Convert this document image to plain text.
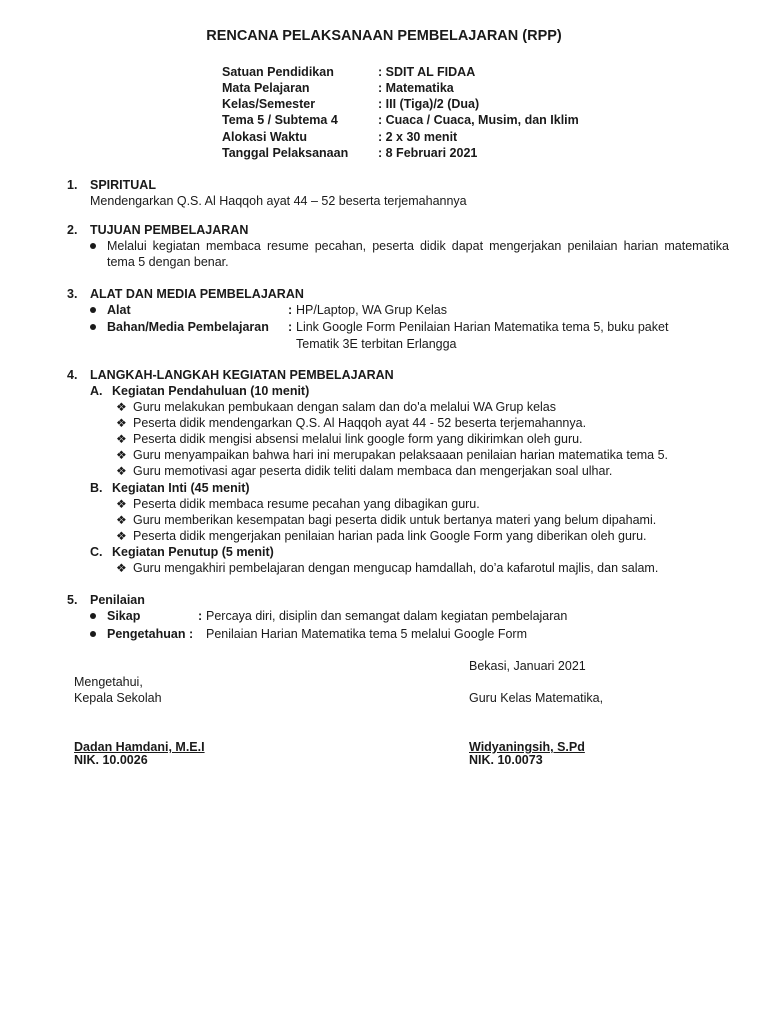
RENCANA PELAKSANAAN PEMBELAJARAN (RPP)
Satuan Pendidikan	: SDIT AL FIDAA
Mata Pelajaran	: Matematika
Kelas/Semester	: III (Tiga)/2 (Dua)
Tema 5 / Subtema 4	: Cuaca / Cuaca, Musim, dan Iklim
Alokasi Waktu	: 2 x 30 menit
Tanggal Pelaksanaan : 8 Februari 2021
1. SPIRITUAL
Mendengarkan Q.S. Al Haqqoh ayat 44 – 52 beserta terjemahannya
2. TUJUAN PEMBELAJARAN
Melalui kegiatan membaca resume pecahan, peserta didik dapat mengerjakan penilaian harian matematika tema 5 dengan benar.
3. ALAT DAN MEDIA PEMBELAJARAN
Alat	: HP/Laptop, WA Grup Kelas
Bahan/Media Pembelajaran : Link Google Form Penilaian Harian Matematika tema 5, buku paket
Tematik 3E terbitan Erlangga
4. LANGKAH-LANGKAH KEGIATAN PEMBELAJARAN
A. Kegiatan Pendahuluan (10 menit)
❖ Guru melakukan pembukaan dengan salam dan do'a melalui WA Grup kelas
❖ Peserta didik mendengarkan Q.S. Al Haqqoh ayat 44 - 52 beserta terjemahannya.
❖ Peserta didik mengisi absensi melalui link google form yang dikirimkan oleh guru.
❖ Guru menyampaikan bahwa hari ini merupakan pelaksaaan penilaian harian matematika tema 5.
❖ Guru memotivasi agar peserta didik teliti dalam membaca dan mengerjakan soal ulhar.
B. Kegiatan Inti (45 menit)
❖ Peserta didik membaca resume pecahan yang dibagikan guru.
❖ Guru memberikan kesempatan bagi peserta didik untuk bertanya materi yang belum dipahami.
❖ Peserta didik mengerjakan penilaian harian pada link Google Form yang diberikan oleh guru.
C. Kegiatan Penutup (5 menit)
❖ Guru mengakhiri pembelajaran dengan mengucap hamdallah, do’a kafarotul majlis, dan salam.
5. Penilaian
Sikap	: Percaya diri, disiplin dan semangat dalam kegiatan pembelajaran
Pengetahuan : Penilaian Harian Matematika tema 5 melalui Google Form
Bekasi, Januari 2021
Mengetahui,
Kepala Sekolah	Guru Kelas Matematika,
Dadan Hamdani, M.E.I
NIK. 10.0026
Widyaningsih, S.Pd
NIK. 10.0073
